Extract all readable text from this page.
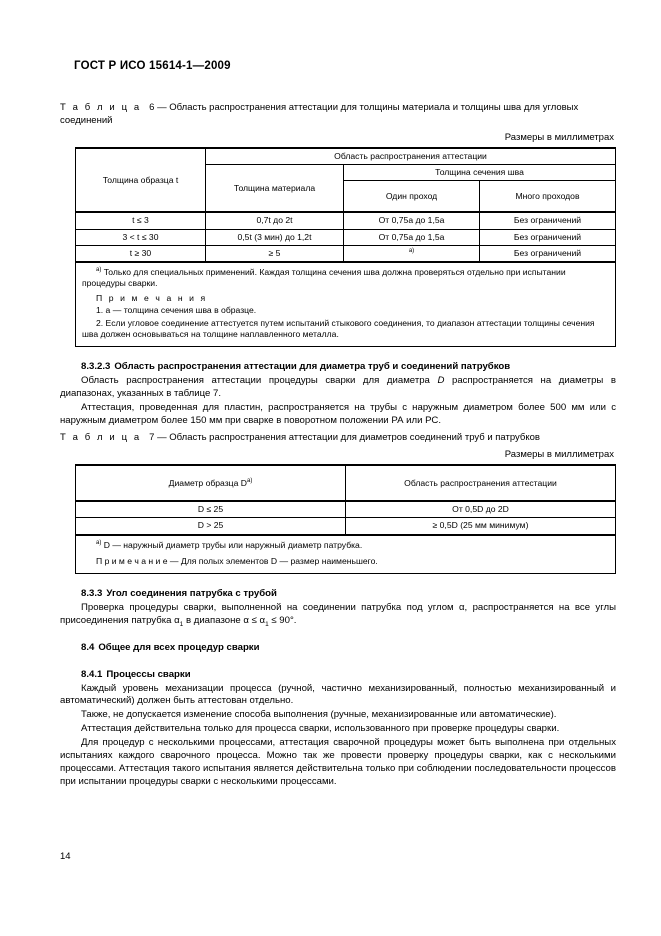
ГОСТ Р ИСО 15614-1—2009
Т а б л и ц а 6 — Область распространения аттестации для толщины материала и толщины шва для угловых соединений
Размеры в миллиметрах
Толщина образца t	Область распространения аттестации		
	Толщина материала	Толщина сечения шва	
		Один проход	Много проходов
t ≤ 3	0,7t до 2t	От 0,75а до 1,5а	Без ограничений
3 < t ≤ 30	0,5t (3 мин) до 1,2t	От 0,75а до 1,5а	Без ограничений
t ≥ 30	≥ 5	$^{а)}$	Без ограничений

$^{а)}$ Только для специальных применений. Каждая толщина сечения шва должна проверяться отдельно при испытании процедуры сварки.

П р и м е ч а н и я

1. а — толщина сечения шва в образце.

2. Если угловое соединение аттестуется путем испытаний стыкового соединения, то диапазон аттестации толщины сечения шва должен основываться на толщине наплавленного металла.			

8.3.2.3 Область распространения аттестации для диаметра труб и соединений патрубков

Область распространения аттестации процедуры сварки для диаметра D распространяется на диаметры в диапазонах, указанных в таблице 7.

Аттестация, проведенная для пластин, распространяется на трубы с наружным диаметром более 500 мм или с наружным диаметром более 150 мм при сварке в поворотном положении РА или РС.

Т а б л и ц а 7 — Область распространения аттестации для диаметров соединений труб и патрубков
Размеры в миллиметрах
Диаметр образца $D^{а)}$	Область распространения аттестации
D ≤ 25	От 0,5D до 2D
D > 25	≥ 0,5D (25 мм минимум)

$^{а)}$ D — наружный диаметр трубы или наружный диаметр патрубка.

П р и м е ч а н и е — Для полых элементов D — размер наименьшего.	

8.3.3 Угол соединения патрубка с трубой

Проверка процедуры сварки, выполненной на соединении патрубка под углом α, распространяется на все углы присоединения патрубка $\alpha_1$ в диапазоне $\alpha \le \alpha_1 \le 90^\circ$.

8.4 Общее для всех процедур сварки
8.4.1 Процессы сварки

Каждый уровень механизации процесса (ручной, частично механизированный, полностью механизированный и автоматический) должен быть аттестован отдельно.

Также, не допускается изменение способа выполнения (ручные, механизированные или автоматические).

Аттестация действительна только для процесса сварки, использованного при проверке процедуры сварки.

Для процедур с несколькими процессами, аттестация сварочной процедуры может быть выполнена при отдельных испытаниях каждого сварочного процесса. Можно так же провести проверку процедуры сварки, как с несколькими процессами. Аттестация такого испытания является действительна только при соблюдении последовательности процессов при испытании процедуры сварки с несколькими процессами.

14
